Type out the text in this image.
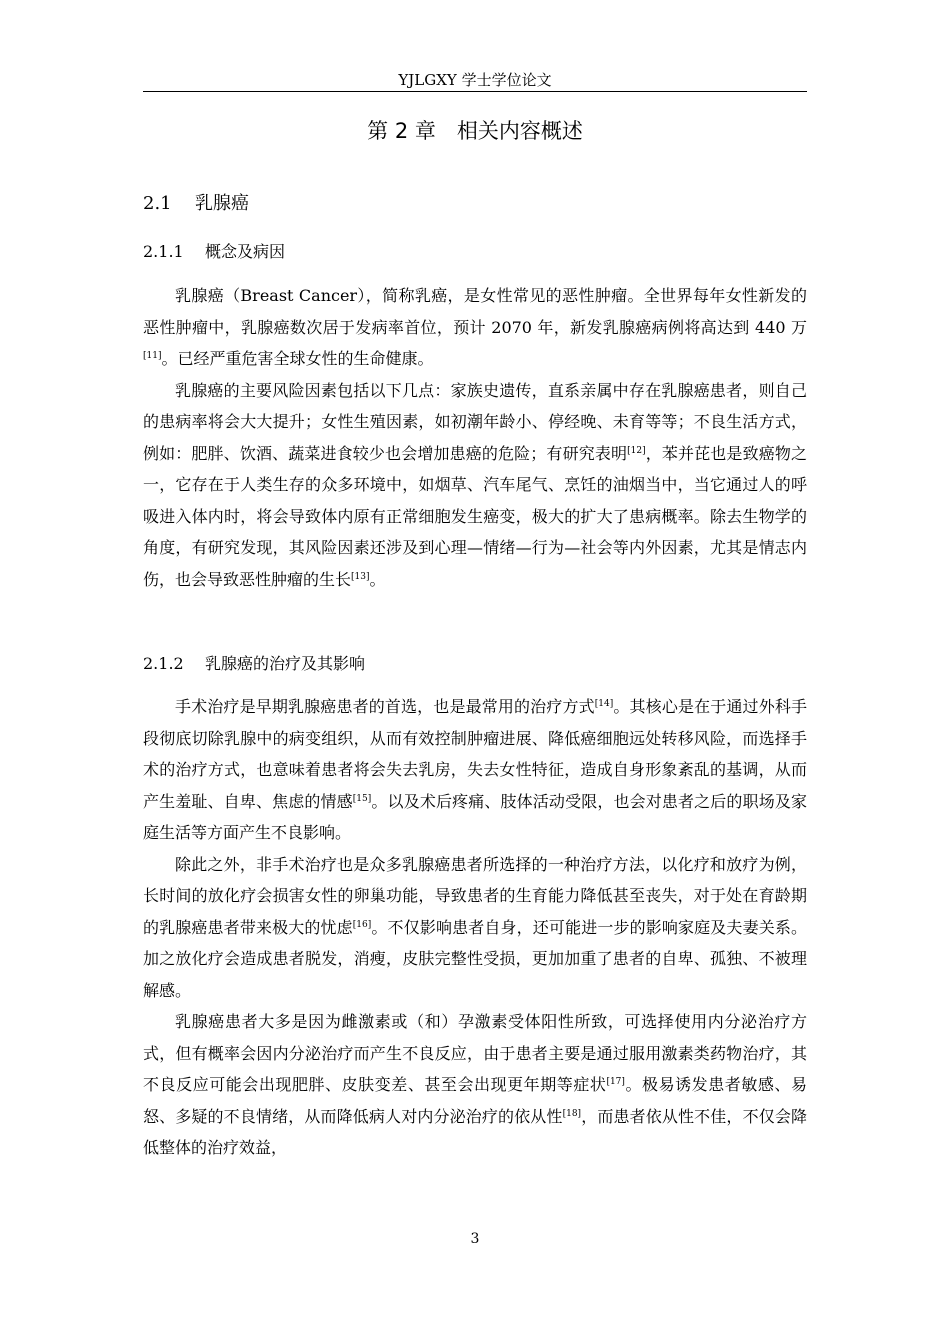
YJLGXY 学士学位论文
第 2 章　相关内容概述
2.1 乳腺癌
2.1.1 概念及病因

乳腺癌（Breast Cancer），简称乳癌，是女性常见的恶性肿瘤。全世界每年女性新发的恶性肿瘤中，乳腺癌数次居于发病率首位，预计 2070 年，新发乳腺癌病例将高达到 440 万[11]。已经严重危害全球女性的生命健康。

乳腺癌的主要风险因素包括以下几点：家族史遗传，直系亲属中存在乳腺癌患者，则自己的患病率将会大大提升；女性生殖因素，如初潮年龄小、停经晚、未育等等；不良生活方式，例如：肥胖、饮酒、蔬菜进食较少也会增加患癌的危险；有研究表明[12]，苯并芘也是致癌物之一，它存在于人类生存的众多环境中，如烟草、汽车尾气、烹饪的油烟当中，当它通过人的呼吸进入体内时，将会导致体内原有正常细胞发生癌变，极大的扩大了患病概率。除去生物学的角度，有研究发现，其风险因素还涉及到心理—情绪—行为—社会等内外因素，尤其是情志内伤，也会导致恶性肿瘤的生长[13]。

2.1.2 乳腺癌的治疗及其影响

手术治疗是早期乳腺癌患者的首选，也是最常用的治疗方式[14]。其核心是在于通过外科手段彻底切除乳腺中的病变组织，从而有效控制肿瘤进展、降低癌细胞远处转移风险，而选择手术的治疗方式，也意味着患者将会失去乳房，失去女性特征，造成自身形象紊乱的基调，从而产生羞耻、自卑、焦虑的情感[15]。以及术后疼痛、肢体活动受限，也会对患者之后的职场及家庭生活等方面产生不良影响。

除此之外，非手术治疗也是众多乳腺癌患者所选择的一种治疗方法，以化疗和放疗为例，长时间的放化疗会损害女性的卵巢功能，导致患者的生育能力降低甚至丧失，对于处在育龄期的乳腺癌患者带来极大的忧虑[16]。不仅影响患者自身，还可能进一步的影响家庭及夫妻关系。加之放化疗会造成患者脱发，消瘦，皮肤完整性受损，更加加重了患者的自卑、孤独、不被理解感。

乳腺癌患者大多是因为雌激素或（和）孕激素受体阳性所致，可选择使用内分泌治疗方式，但有概率会因内分泌治疗而产生不良反应，由于患者主要是通过服用激素类药物治疗，其不良反应可能会出现肥胖、皮肤变差、甚至会出现更年期等症状[17]。极易诱发患者敏感、易怒、多疑的不良情绪，从而降低病人对内分泌治疗的依从性[18]，而患者依从性不佳，不仅会降低整体的治疗效益，

3
